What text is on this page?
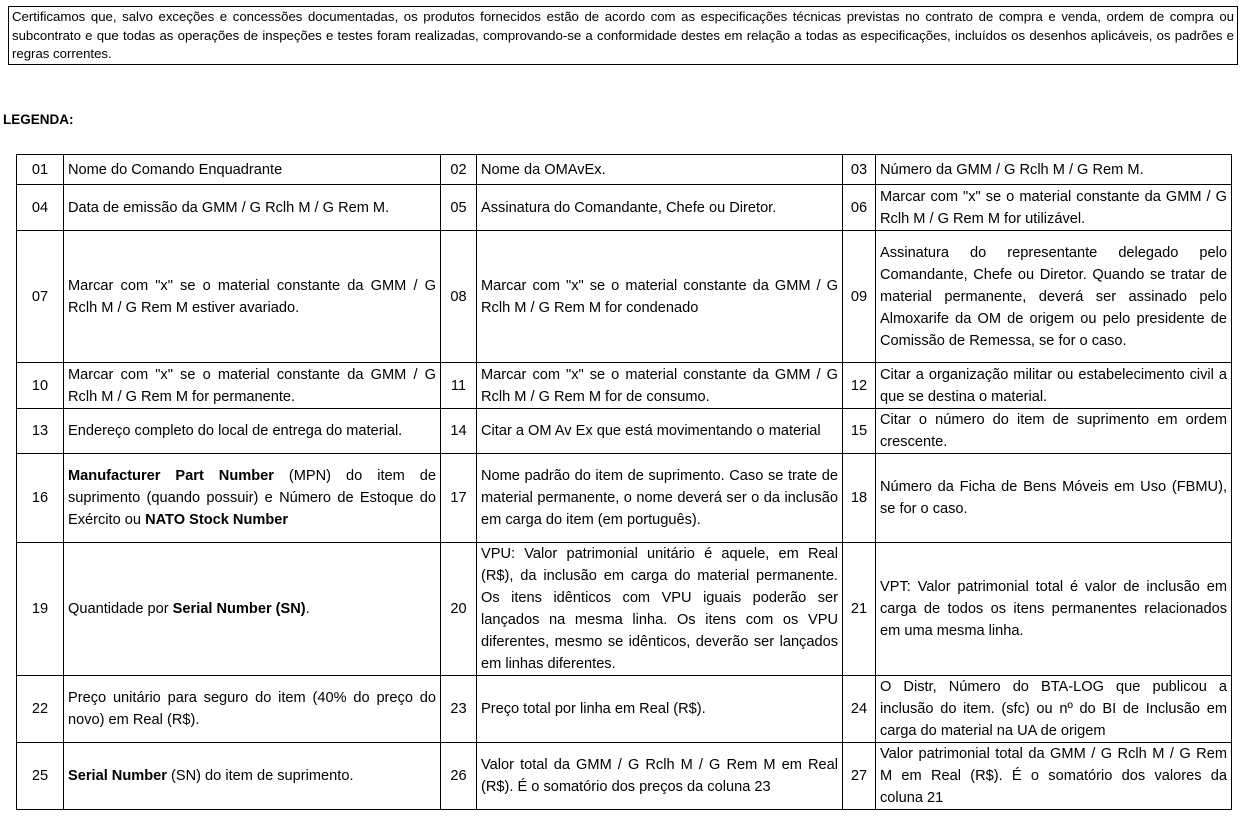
Certificamos que, salvo exceções e concessões documentadas, os produtos fornecidos estão de acordo com as especificações técnicas previstas no contrato de compra e venda, ordem de compra ou subcontrato e que todas as operações de inspeções e testes foram realizadas, comprovando-se a conformidade destes em relação a todas as especificações, incluídos os desenhos aplicáveis, os padrões e regras correntes.
LEGENDA:
01	Nome do Comando Enquadrante	02	Nome da OMAvEx.	03	Número da GMM / G Rclh M / G Rem M.
04	Data de emissão da GMM / G Rclh M / G Rem M.	05	Assinatura do Comandante, Chefe ou Diretor.	06	Marcar com "x" se o material constante da GMM / G Rclh M / G Rem M for utilizável.
07	Marcar com "x" se o material constante da GMM / G Rclh M / G Rem M estiver avariado.	08	Marcar com "x" se o material constante da GMM / G Rclh M / G Rem M for condenado	09	Assinatura do representante delegado pelo Comandante, Chefe ou Diretor. Quando se tratar de material permanente, deverá ser assinado pelo Almoxarife da OM de origem ou pelo presidente de Comissão de Remessa, se for o caso.
10	Marcar com "x" se o material constante da GMM / G Rclh M / G Rem M for permanente.	11	Marcar com "x" se o material constante da GMM / G Rclh M / G Rem M for de consumo.	12	Citar a organização militar ou estabelecimento civil a que se destina o material.
13	Endereço completo do local de entrega do material.	14	Citar a OM Av Ex que está movimentando o material	15	Citar o número do item de suprimento em ordem crescente.
16	Manufacturer Part Number (MPN) do item de suprimento (quando possuir) e Número de Estoque do Exército ou NATO Stock Number	17	Nome padrão do item de suprimento. Caso se trate de material permanente, o nome deverá ser o da inclusão em carga do item (em português).	18	Número da Ficha de Bens Móveis em Uso (FBMU), se for o caso.
19	Quantidade por Serial Number (SN).	20	VPU: Valor patrimonial unitário é aquele, em Real (R$), da inclusão em carga do material permanente. Os itens idênticos com VPU iguais poderão ser lançados na mesma linha. Os itens com os VPU diferentes, mesmo se idênticos, deverão ser lançados em linhas diferentes.	21	VPT: Valor patrimonial total é valor de inclusão em carga de todos os itens permanentes relacionados em uma mesma linha.
22	Preço unitário para seguro do item (40% do preço do novo) em Real (R$).	23	Preço total por linha em Real (R$).	24	O Distr, Número do BTA-LOG que publicou a inclusão do item. (sfc) ou nº do BI de Inclusão em carga do material na UA de origem
25	Serial Number (SN) do item de suprimento.	26	Valor total da GMM / G Rclh M / G Rem M em Real (R$). É o somatório dos preços da coluna 23	27	Valor patrimonial total da GMM / G Rclh M / G Rem M em Real (R$). É o somatório dos valores da coluna 21
